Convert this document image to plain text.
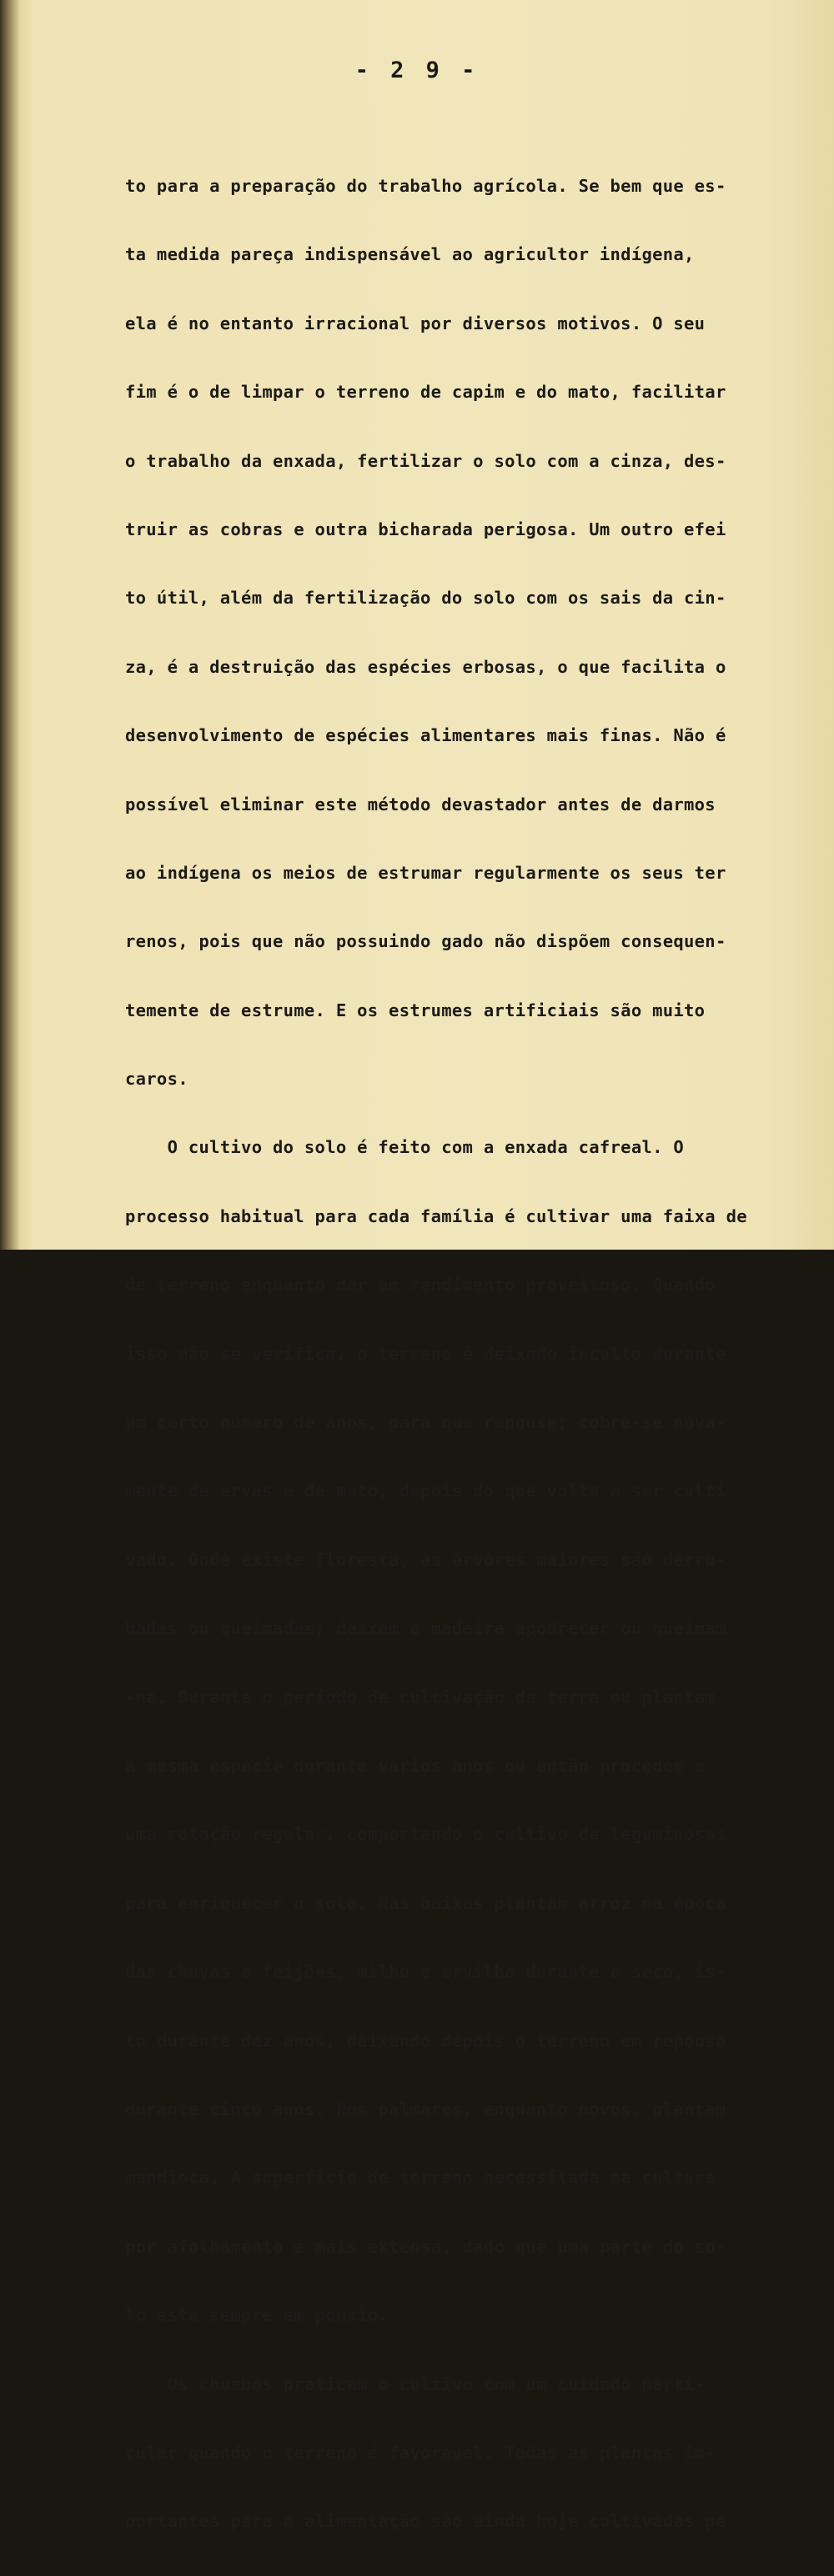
- 2 9 -

to para a preparação do trabalho agrícola. Se bem que es-

ta medida pareça indispensável ao agricultor indígena,

ela é no entanto irracional por diversos motivos. O seu

fim é o de limpar o terreno de capim e do mato, facilitar

o trabalho da enxada, fertilizar o solo com a cinza, des-

truir as cobras e outra bicharada perigosa. Um outro efei

to útil, além da fertilização do solo com os sais da cin-

za, é a destruição das espécies erbosas, o que facilita o

desenvolvimento de espécies alimentares mais finas. Não é

possível eliminar este método devastador antes de darmos

ao indígena os meios de estrumar regularmente os seus ter

renos, pois que não possuindo gado não dispõem consequen-

temente de estrume. E os estrumes artificiais são muito

caros.

O cultivo do solo é feito com a enxada cafreal. O

processo habitual para cada família é cultivar uma faixa de

de terreno enquanto der um rendimento proveitoso. Quando

isso não se verifica, o terreno é deixado inculto durante

um certo número de anos, para que repouse; cobre-se nòva-

mente de ervas e de mato, depois do que volta a ser culti

vado. Onde existe floresta, as árvores maiores são derru-

badas ou queimadas; deixam a madeira apodrecer ou queimam

-na. Durante o período de cultivação da terra ou plantam

a mesma espécie durante vários anos ou então procedem a

uma rotação regular, comportando o cultivo de leguminosas

para enriquecer o solo. Nas baixas plantam arroz na época

das chuvas e feijões, milho e ervilha durante o seco, is-

to durante dez anos, deixando depois o terreno em repouso

durante cinco anos. Nos palmares, enquanto novos, plantam

mandioca. A superfície de terreno necessitada na cultura

por afolhamento é mais extensa, dado que uma parte do so-

lo está sempre em pousio.

Os chuabos praticam o cultivo com um cuidado parti-

cular quando o terreno é favorável. Todas as plantas im-

portantes para a alimentação são ainda hoje cultivadas pe
